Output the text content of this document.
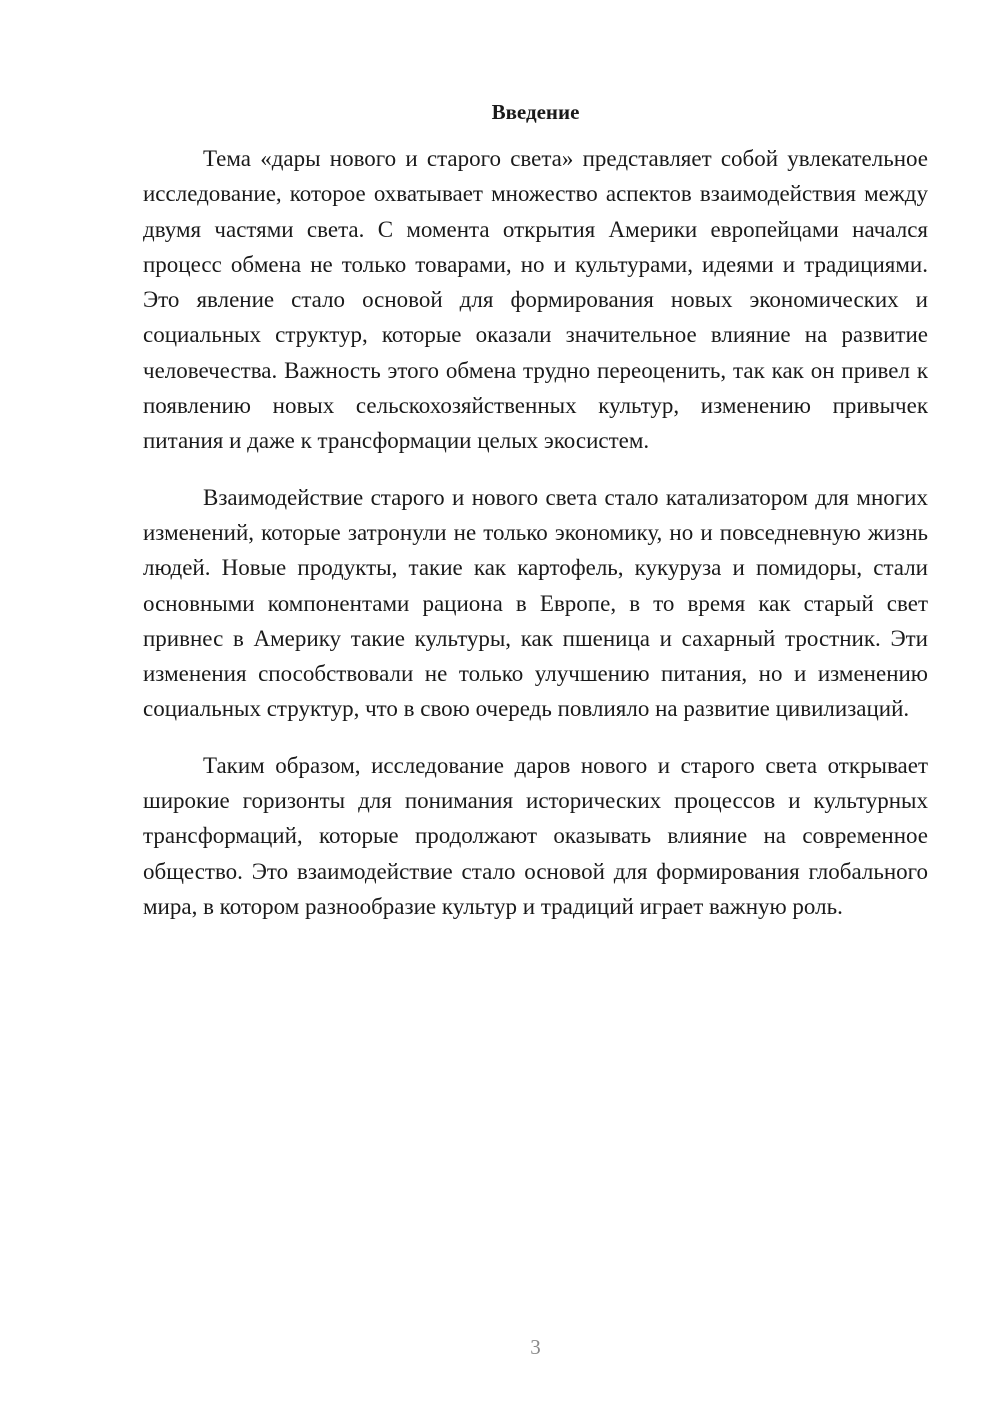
Введение

Тема «дары нового и старого света» представляет собой увлекательное исследование, которое охватывает множество аспектов взаимодействия между двумя частями света. С момента открытия Америки европейцами начался процесс обмена не только товарами, но и культурами, идеями и традициями. Это явление стало основой для формирования новых экономических и социальных структур, которые оказали значительное влияние на развитие человечества. Важность этого обмена трудно переоценить, так как он привел к появлению новых сельскохозяйственных культур, изменению привычек питания и даже к трансформации целых экосистем.

Взаимодействие старого и нового света стало катализатором для многих изменений, которые затронули не только экономику, но и повседневную жизнь людей. Новые продукты, такие как картофель, кукуруза и помидоры, стали основными компонентами рациона в Европе, в то время как старый свет привнес в Америку такие культуры, как пшеница и сахарный тростник. Эти изменения способствовали не только улучшению питания, но и изменению социальных структур, что в свою очередь повлияло на развитие цивилизаций.

Таким образом, исследование даров нового и старого света открывает широкие горизонты для понимания исторических процессов и культурных трансформаций, которые продолжают оказывать влияние на современное общество. Это взаимодействие стало основой для формирования глобального мира, в котором разнообразие культур и традиций играет важную роль.

3
